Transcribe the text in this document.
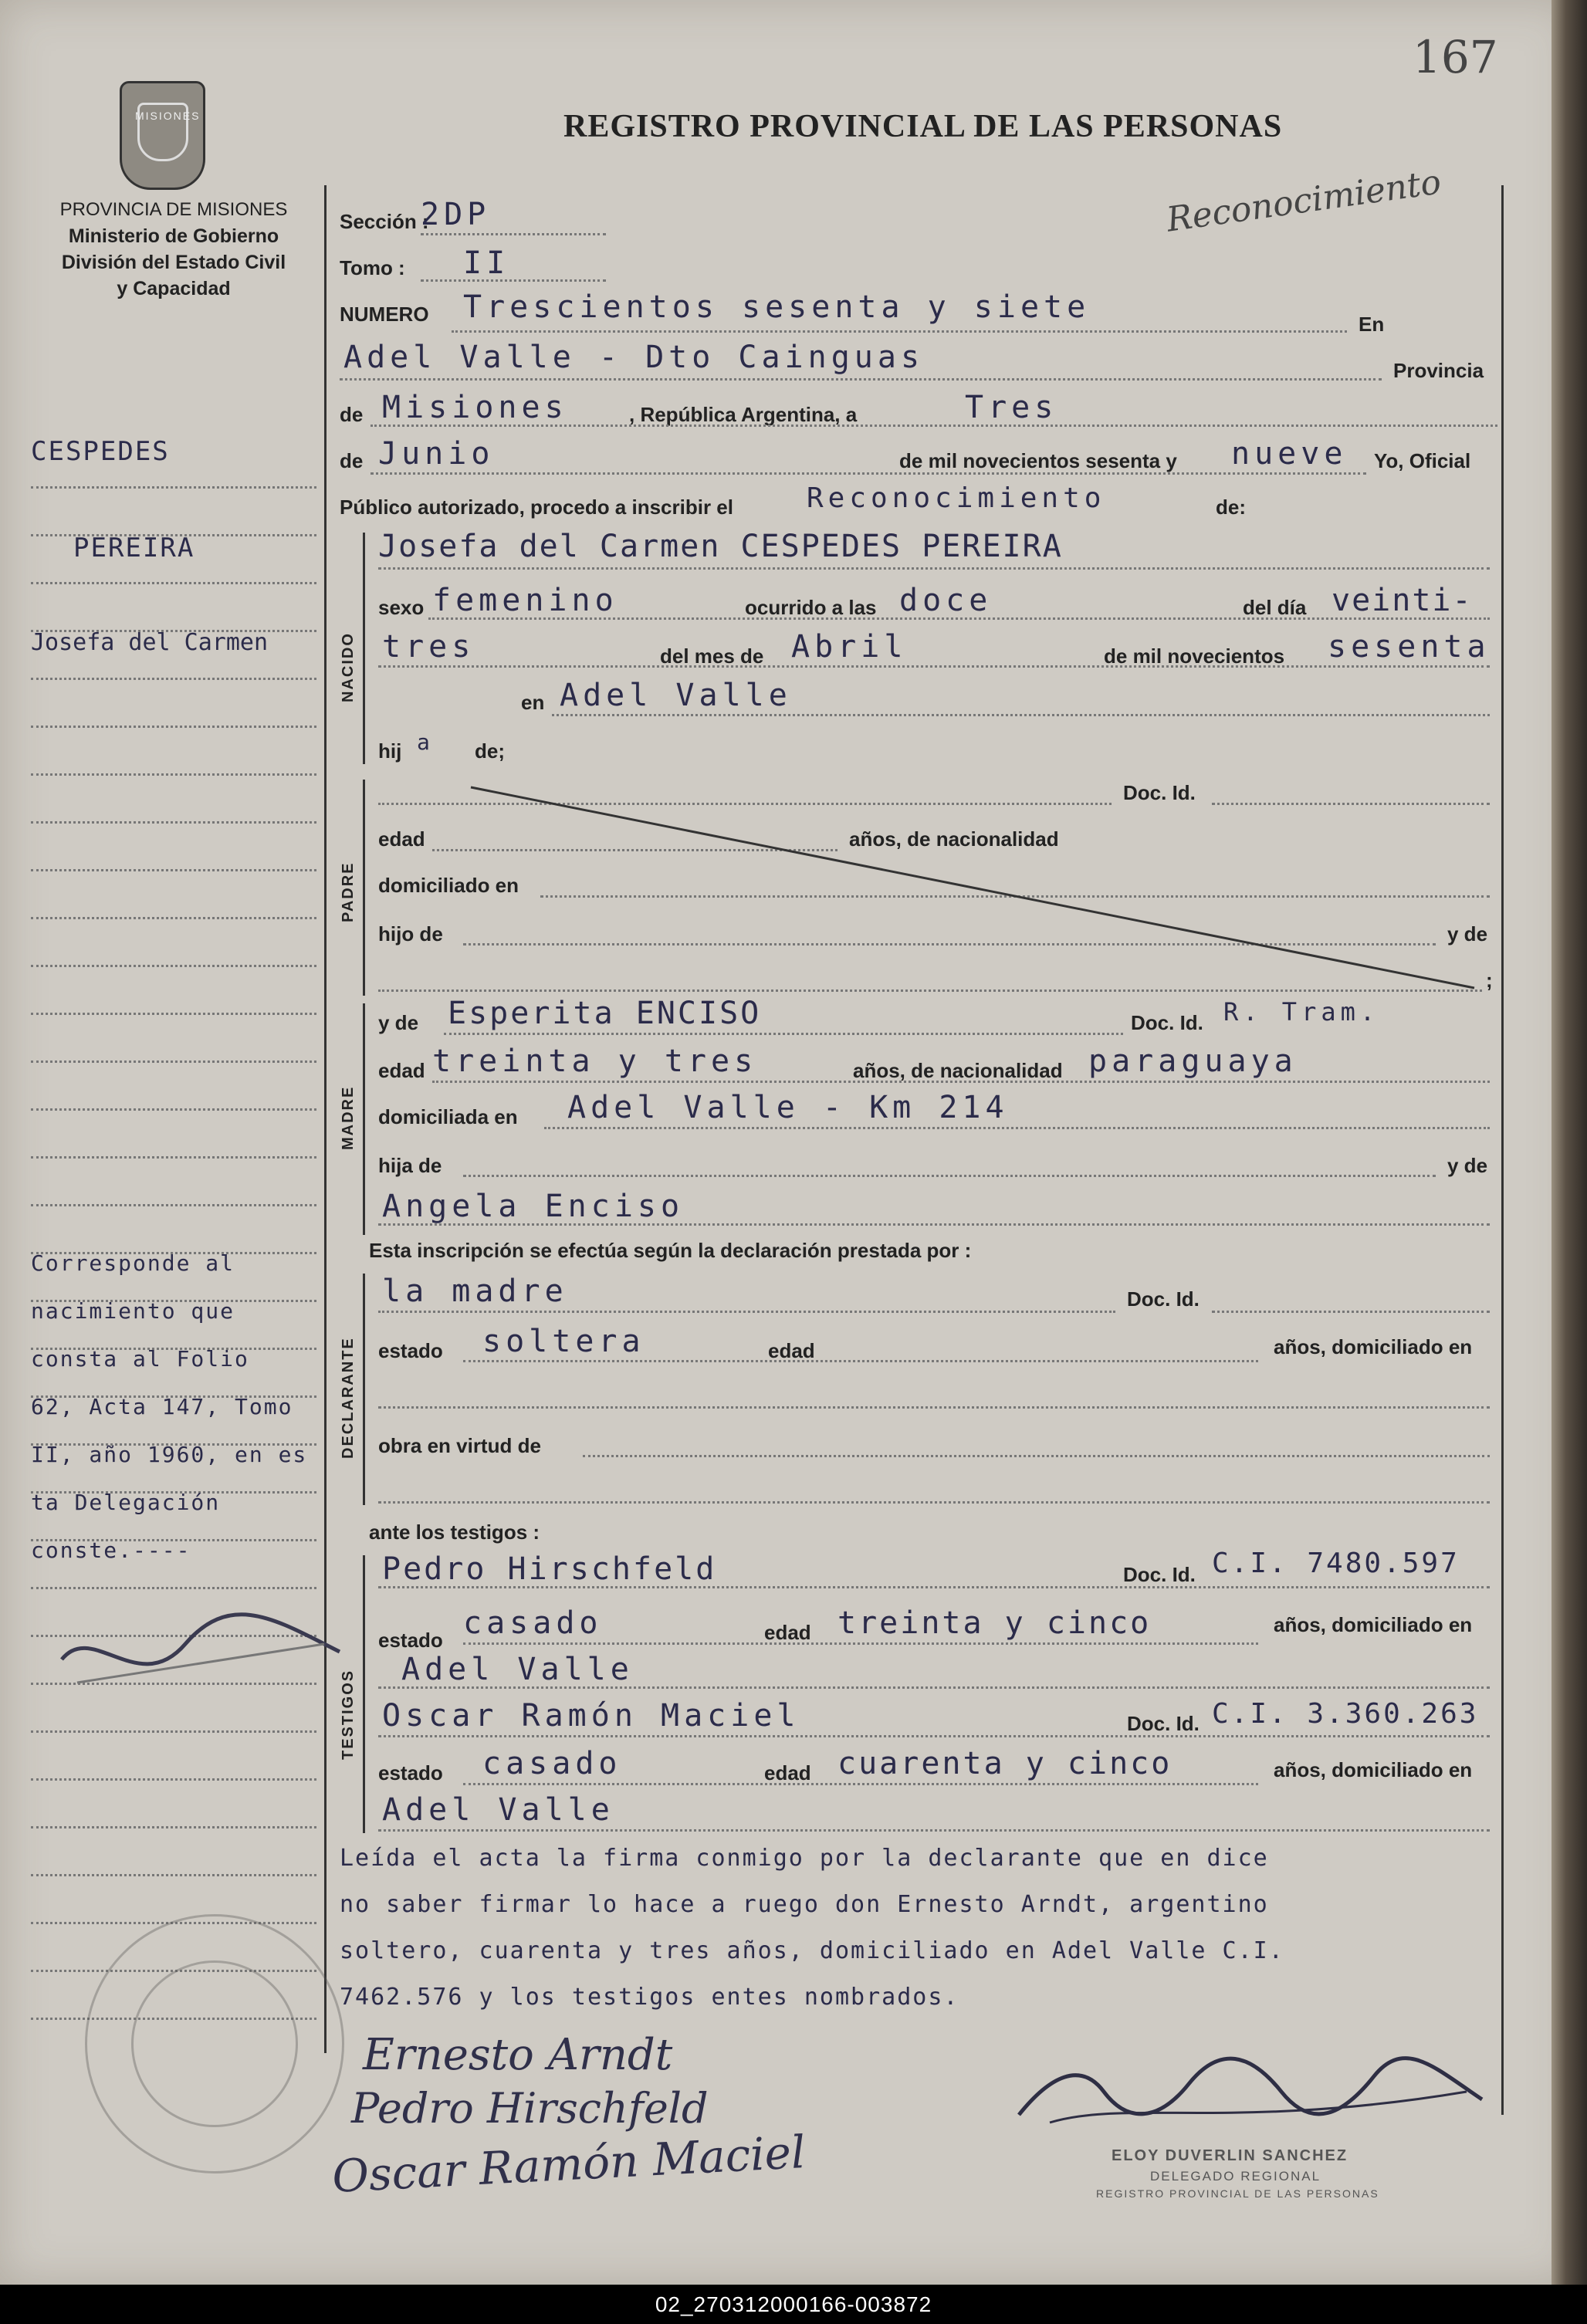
167
REGISTRO PROVINCIAL DE LAS PERSONAS
Reconocimiento
PROVINCIA DE MISIONES
Ministerio de Gobierno
División del Estado Civil
y Capacidad
CESPEDES
PEREIRA
Josefa del Carmen
Corresponde al
nacimiento que
consta al Folio
62, Acta 147, Tomo
II, año 1960, en es
ta Delegación
conste.----
Sección :
2DP
Tomo : II
NUMERO Trescientos sesenta y siete	En
Adel Valle - Dto Cainguas	Provincia
de Misiones	, República Argentina, a	Tres
de Junio	de mil novecientos sesenta y nueve Yo, Oficial
Público autorizado, procedo a inscribir el	Reconocimiento	de:
NACIDO
Josefa del Carmen CESPEDES PEREIRA
sexo femenino	ocurrido a las doce	del día veinti-
tres	del mes de Abril	de mil novecientos sesenta
en Adel Valle
hij a de;
PADRE
Doc. Id.
edad	años, de nacionalidad
domiciliado en
hijo de	y de
;
MADRE
y de Esperita ENCISO	Doc. Id. R. Tram.
edad treinta y tres	años, de nacionalidad paraguaya
domiciliada en Adel Valle - Km 214
hija de	y de
Angela Enciso
Esta inscripción se efectúa según la declaración prestada por :
DECLARANTE
la madre	Doc. Id.
estado soltera	edad	años, domiciliado en
obra en virtud de
ante los testigos :
TESTIGOS
Pedro Hirschfeld	Doc. Id. C.I. 7480.597
estado casado	edad treinta y cinco	años, domiciliado en
Adel Valle
Oscar Ramón Maciel	Doc. Id. C.I. 3.360.263
estado casado	edad cuarenta y cinco	años, domiciliado en
Adel Valle
Leída el acta la firma conmigo por la declarante que en dice
no saber firmar lo hace a ruego don Ernesto Arndt, argentino
soltero, cuarenta y tres años, domiciliado en Adel Valle C.I.
7462.576 y los testigos entes nombrados.
Ernesto Arndt
Pedro Hirschfeld
Oscar Ramón Maciel	ELOY DUVERLIN SANCHEZ
DELEGADO REGIONAL
REGISTRO PROVINCIAL DE LAS PERSONAS
MISIONES
02_270312000166-003872
